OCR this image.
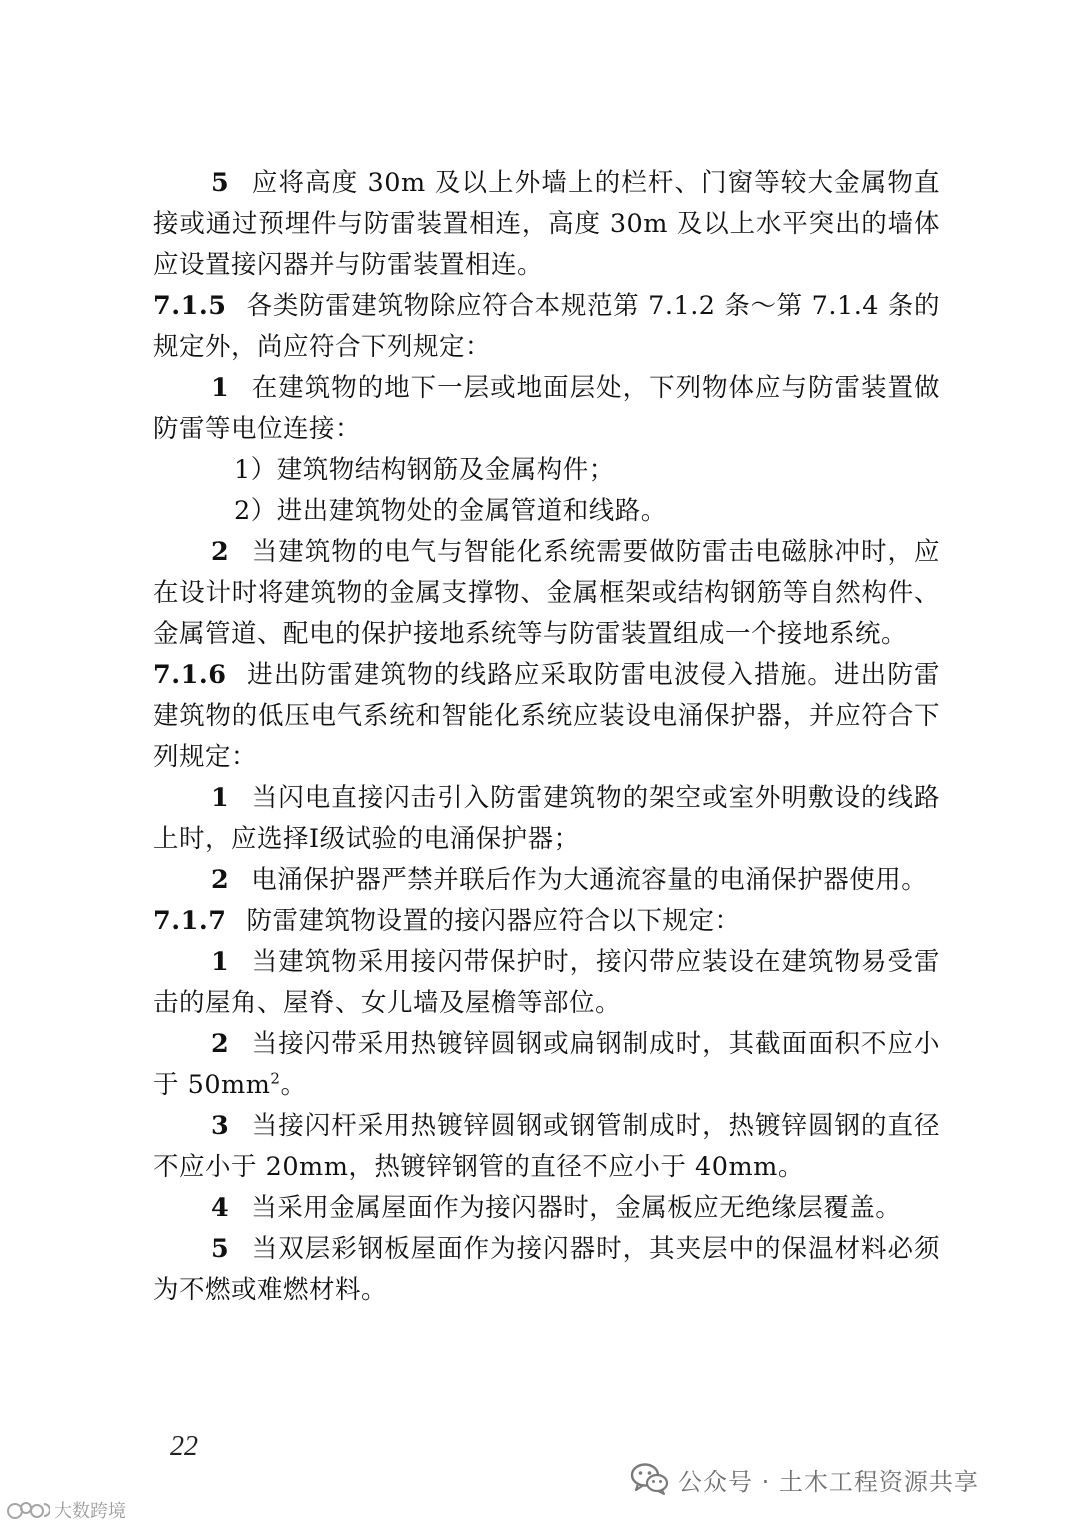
5 应将高度 30m 及以上外墙上的栏杆、门窗等较大金属物直接或通过预埋件与防雷装置相连，高度 30m 及以上水平突出的墙体应设置接闪器并与防雷装置相连。

7.1.5 各类防雷建筑物除应符合本规范第 7.1.2 条～第 7.1.4 条的规定外，尚应符合下列规定：

1 在建筑物的地下一层或地面层处，下列物体应与防雷装置做防雷等电位连接：

1）建筑物结构钢筋及金属构件；

2）进出建筑物处的金属管道和线路。

2 当建筑物的电气与智能化系统需要做防雷击电磁脉冲时，应在设计时将建筑物的金属支撑物、金属框架或结构钢筋等自然构件、金属管道、配电的保护接地系统等与防雷装置组成一个接地系统。

7.1.6 进出防雷建筑物的线路应采取防雷电波侵入措施。进出防雷建筑物的低压电气系统和智能化系统应装设电涌保护器，并应符合下列规定：

1 当闪电直接闪击引入防雷建筑物的架空或室外明敷设的线路上时，应选择Ⅰ级试验的电涌保护器；

2 电涌保护器严禁并联后作为大通流容量的电涌保护器使用。

7.1.7 防雷建筑物设置的接闪器应符合以下规定：

1 当建筑物采用接闪带保护时，接闪带应装设在建筑物易受雷击的屋角、屋脊、女儿墙及屋檐等部位。

2 当接闪带采用热镀锌圆钢或扁钢制成时，其截面面积不应小于 $50mm^2$。

3 当接闪杆采用热镀锌圆钢或钢管制成时，热镀锌圆钢的直径不应小于 20mm，热镀锌钢管的直径不应小于 40mm。

4 当采用金属屋面作为接闪器时，金属板应无绝缘层覆盖。

5 当双层彩钢板屋面作为接闪器时，其夹层中的保温材料必须为不燃或难燃材料。

22
公众号 · 土木工程资源共享
大数跨境
